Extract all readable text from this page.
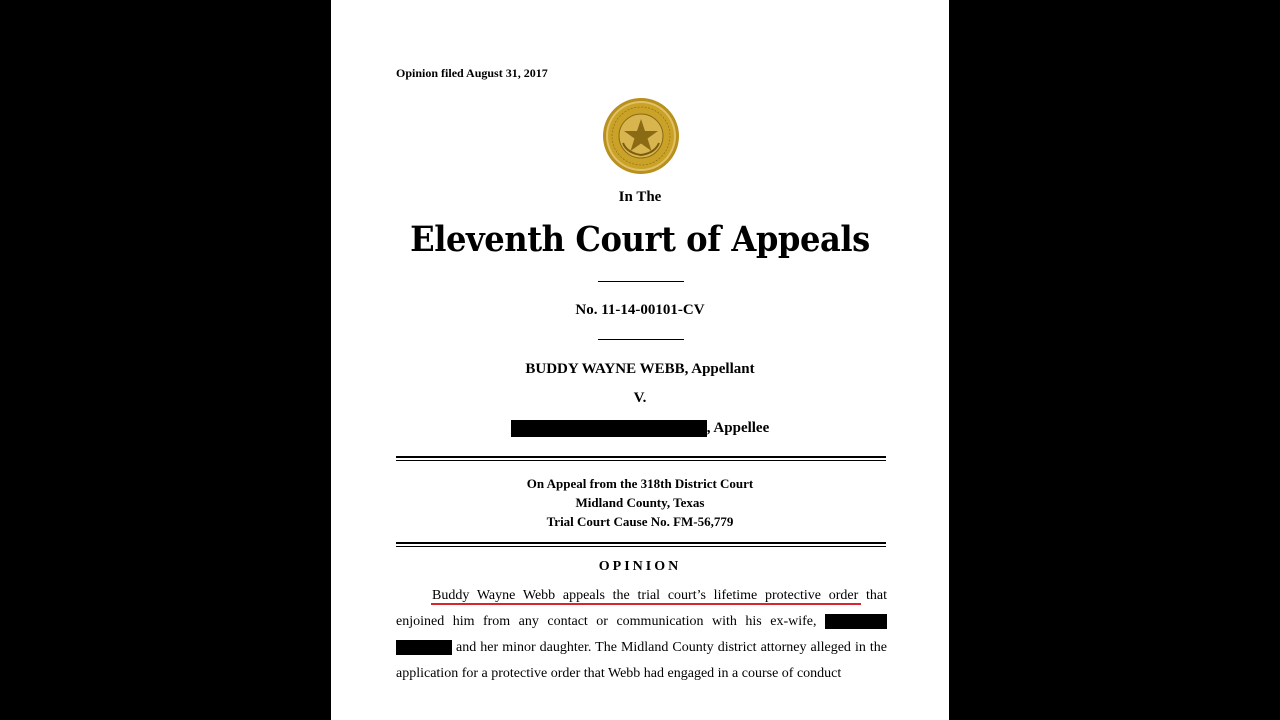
Opinion filed August 31, 2017
In The
Eleventh Court of Appeals
No. 11-14-00101-CV
BUDDY WAYNE WEBB, Appellant
V.
, Appellee
On Appeal from the 318th District Court
Midland County, Texas
Trial Court Cause No. FM-56,779
OPINION

Buddy Wayne Webb appeals the trial court’s lifetime protective order that enjoined him from any contact or communication with his ex-wife,   and her minor daughter. The Midland County district attorney alleged in the application for a protective order that Webb had engaged in a course of conduct
